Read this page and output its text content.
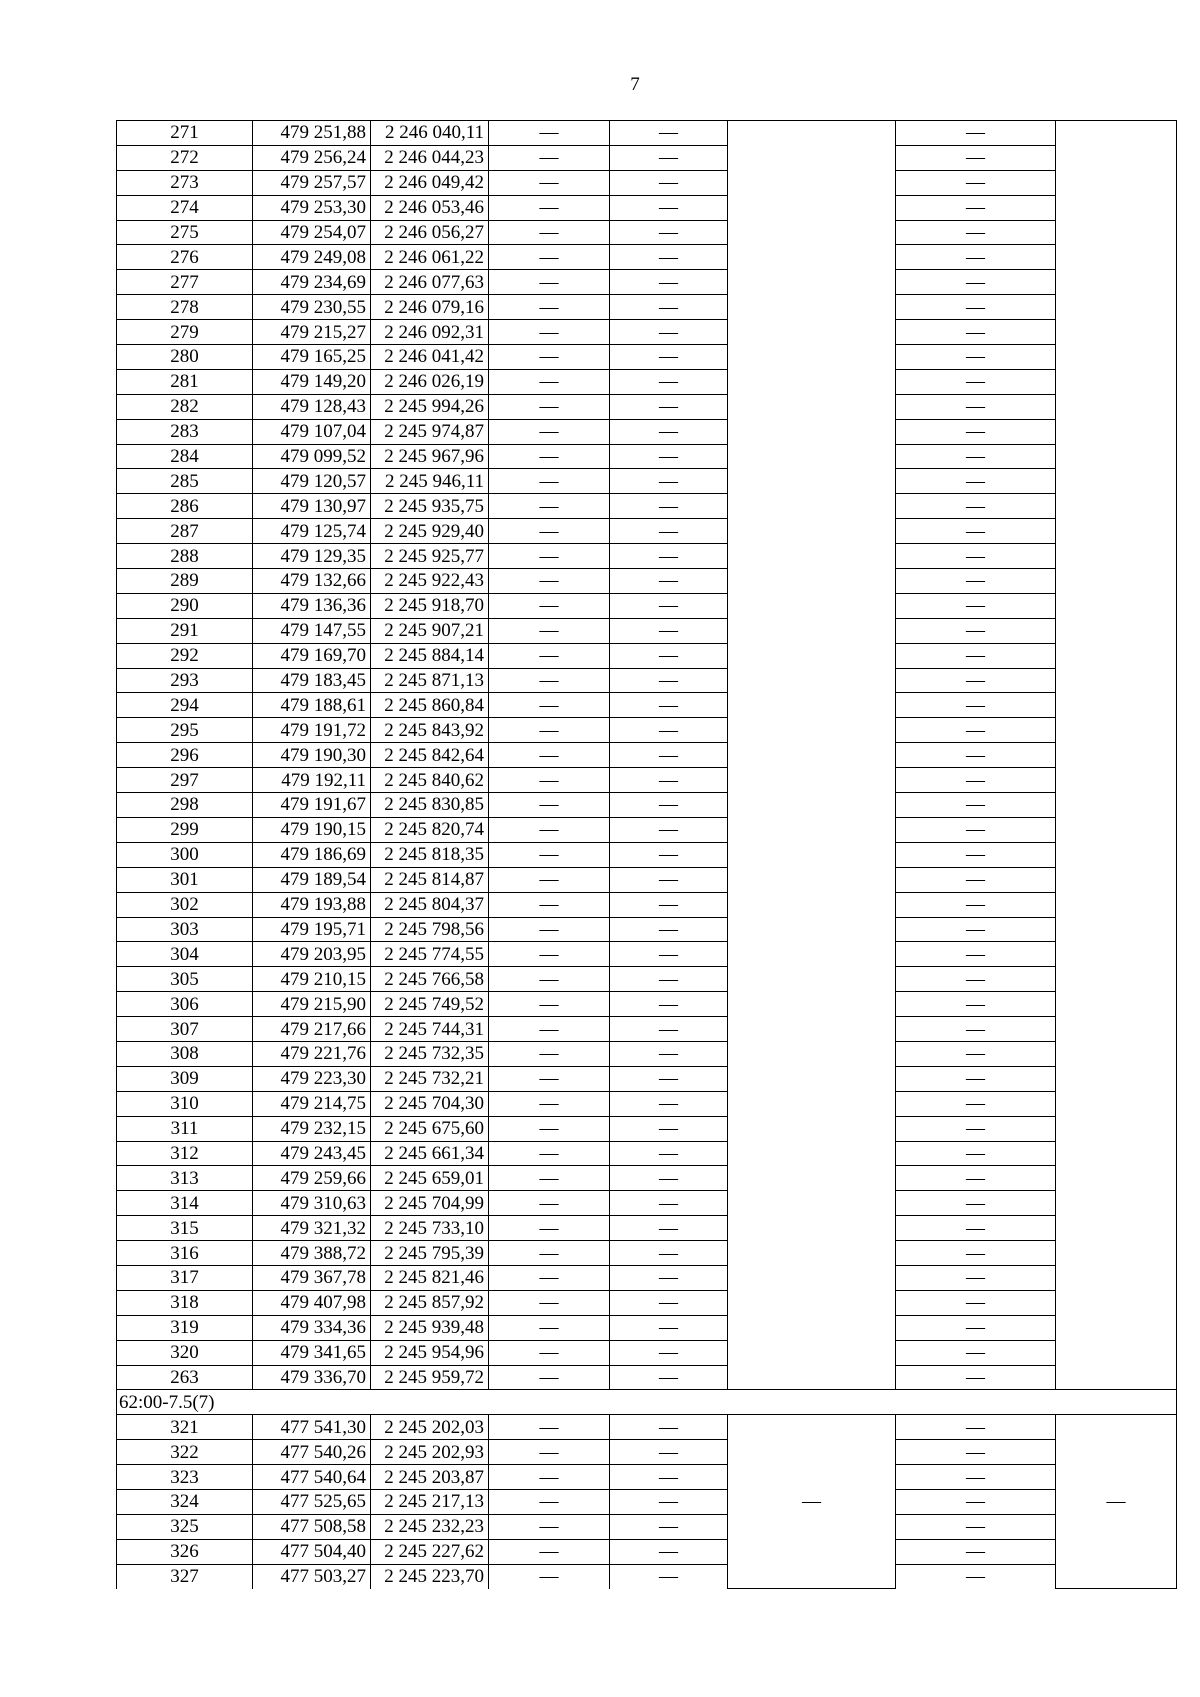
7
271	479 251,88	2 246 040,11	—	—		—	
272	479 256,24	2 246 044,23	—	—		—	
273	479 257,57	2 246 049,42	—	—		—	
274	479 253,30	2 246 053,46	—	—		—	
275	479 254,07	2 246 056,27	—	—		—	
276	479 249,08	2 246 061,22	—	—		—	
277	479 234,69	2 246 077,63	—	—		—	
278	479 230,55	2 246 079,16	—	—		—	
279	479 215,27	2 246 092,31	—	—		—	
280	479 165,25	2 246 041,42	—	—		—	
281	479 149,20	2 246 026,19	—	—		—	
282	479 128,43	2 245 994,26	—	—		—	
283	479 107,04	2 245 974,87	—	—		—	
284	479 099,52	2 245 967,96	—	—		—	
285	479 120,57	2 245 946,11	—	—		—	
286	479 130,97	2 245 935,75	—	—		—	
287	479 125,74	2 245 929,40	—	—		—	
288	479 129,35	2 245 925,77	—	—		—	
289	479 132,66	2 245 922,43	—	—		—	
290	479 136,36	2 245 918,70	—	—		—	
291	479 147,55	2 245 907,21	—	—		—	
292	479 169,70	2 245 884,14	—	—		—	
293	479 183,45	2 245 871,13	—	—		—	
294	479 188,61	2 245 860,84	—	—		—	
295	479 191,72	2 245 843,92	—	—		—	
296	479 190,30	2 245 842,64	—	—		—	
297	479 192,11	2 245 840,62	—	—		—	
298	479 191,67	2 245 830,85	—	—		—	
299	479 190,15	2 245 820,74	—	—		—	
300	479 186,69	2 245 818,35	—	—		—	
301	479 189,54	2 245 814,87	—	—		—	
302	479 193,88	2 245 804,37	—	—		—	
303	479 195,71	2 245 798,56	—	—		—	
304	479 203,95	2 245 774,55	—	—		—	
305	479 210,15	2 245 766,58	—	—		—	
306	479 215,90	2 245 749,52	—	—		—	
307	479 217,66	2 245 744,31	—	—		—	
308	479 221,76	2 245 732,35	—	—		—	
309	479 223,30	2 245 732,21	—	—		—	
310	479 214,75	2 245 704,30	—	—		—	
311	479 232,15	2 245 675,60	—	—		—	
312	479 243,45	2 245 661,34	—	—		—	
313	479 259,66	2 245 659,01	—	—		—	
314	479 310,63	2 245 704,99	—	—		—	
315	479 321,32	2 245 733,10	—	—		—	
316	479 388,72	2 245 795,39	—	—		—	
317	479 367,78	2 245 821,46	—	—		—	
318	479 407,98	2 245 857,92	—	—		—	
319	479 334,36	2 245 939,48	—	—		—	
320	479 341,65	2 245 954,96	—	—		—	
263	479 336,70	2 245 959,72	—	—		—	
62:00-7.5(7)							
321	477 541,30	2 245 202,03	—	—	—	—	—
322	477 540,26	2 245 202,93	—	—		—	
323	477 540,64	2 245 203,87	—	—		—	
324	477 525,65	2 245 217,13	—	—		—	
325	477 508,58	2 245 232,23	—	—		—	
326	477 504,40	2 245 227,62	—	—		—	
327	477 503,27	2 245 223,70	—	—		—	
